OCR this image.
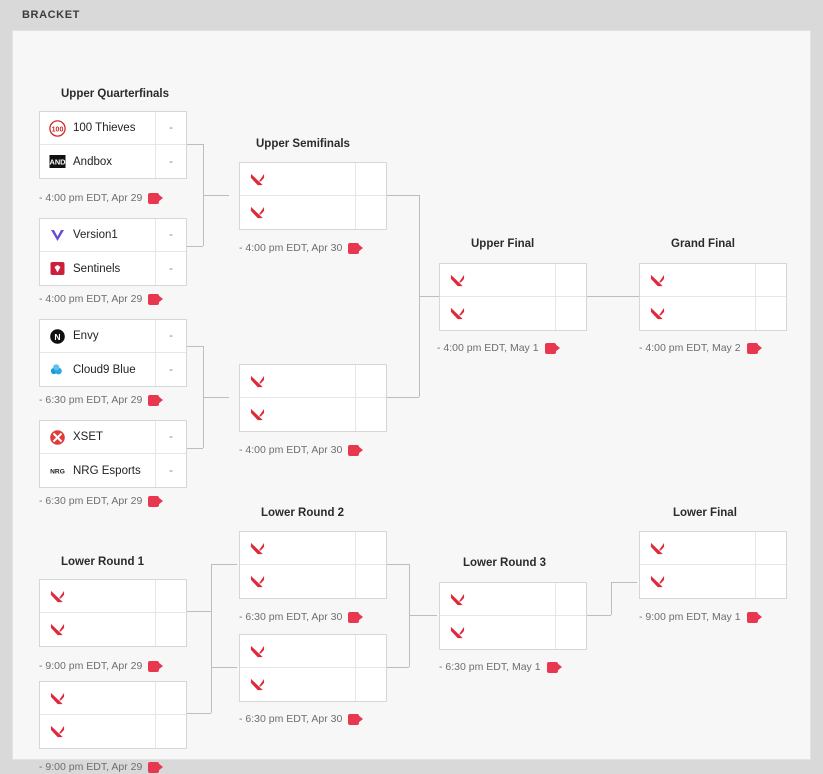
BRACKET
Upper Quarterfinals
Upper Semifinals
Upper Final	Grand Final
Lower Round 1
Lower Round 2
Lower Round 3
Lower Final
100 100 Thieves	-
AND Andbox	-
- 4:00 pm EDT, Apr 29
Version1	-
Sentinels	-
- 4:00 pm EDT, Apr 29
N Envy	-
Cloud9 Blue	-
- 6:30 pm EDT, Apr 29
XSET	-
NRG NRG Esports	-
- 6:30 pm EDT, Apr 29
- 4:00 pm EDT, Apr 30
- 4:00 pm EDT, Apr 30
- 4:00 pm EDT, May 1	- 4:00 pm EDT, May 2
- 9:00 pm EDT, Apr 29
- 9:00 pm EDT, Apr 29
- 6:30 pm EDT, Apr 30
- 6:30 pm EDT, Apr 30
- 6:30 pm EDT, May 1
- 9:00 pm EDT, May 1
